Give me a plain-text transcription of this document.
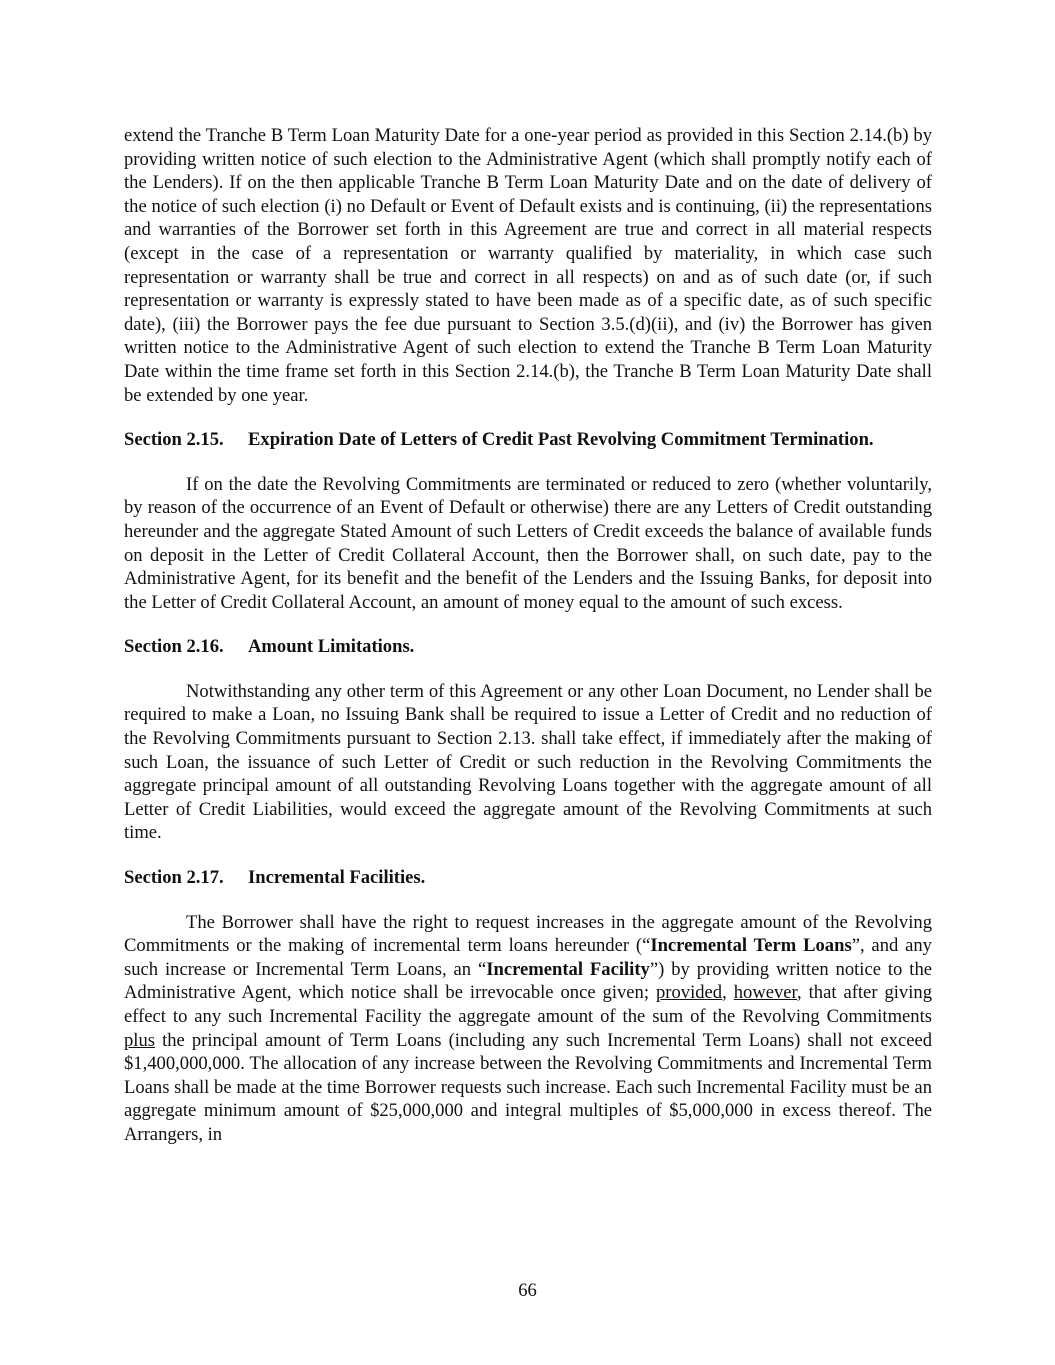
extend the Tranche B Term Loan Maturity Date for a one-year period as provided in this Section 2.14.(b) by providing written notice of such election to the Administrative Agent (which shall promptly notify each of the Lenders). If on the then applicable Tranche B Term Loan Maturity Date and on the date of delivery of the notice of such election (i) no Default or Event of Default exists and is continuing, (ii) the representations and warranties of the Borrower set forth in this Agreement are true and correct in all material respects (except in the case of a representation or warranty qualified by materiality, in which case such representation or warranty shall be true and correct in all respects) on and as of such date (or, if such representation or warranty is expressly stated to have been made as of a specific date, as of such specific date), (iii) the Borrower pays the fee due pursuant to Section 3.5.(d)(ii), and (iv) the Borrower has given written notice to the Administrative Agent of such election to extend the Tranche B Term Loan Maturity Date within the time frame set forth in this Section 2.14.(b), the Tranche B Term Loan Maturity Date shall be extended by one year.

Section 2.15. Expiration Date of Letters of Credit Past Revolving Commitment Termination.

If on the date the Revolving Commitments are terminated or reduced to zero (whether voluntarily, by reason of the occurrence of an Event of Default or otherwise) there are any Letters of Credit outstanding hereunder and the aggregate Stated Amount of such Letters of Credit exceeds the balance of available funds on deposit in the Letter of Credit Collateral Account, then the Borrower shall, on such date, pay to the Administrative Agent, for its benefit and the benefit of the Lenders and the Issuing Banks, for deposit into the Letter of Credit Collateral Account, an amount of money equal to the amount of such excess.

Section 2.16. Amount Limitations.

Notwithstanding any other term of this Agreement or any other Loan Document, no Lender shall be required to make a Loan, no Issuing Bank shall be required to issue a Letter of Credit and no reduction of the Revolving Commitments pursuant to Section 2.13. shall take effect, if immediately after the making of such Loan, the issuance of such Letter of Credit or such reduction in the Revolving Commitments the aggregate principal amount of all outstanding Revolving Loans together with the aggregate amount of all Letter of Credit Liabilities, would exceed the aggregate amount of the Revolving Commitments at such time.

Section 2.17. Incremental Facilities.

The Borrower shall have the right to request increases in the aggregate amount of the Revolving Commitments or the making of incremental term loans hereunder (“Incremental Term Loans”, and any such increase or Incremental Term Loans, an “Incremental Facility”) by providing written notice to the Administrative Agent, which notice shall be irrevocable once given; provided, however, that after giving effect to any such Incremental Facility the aggregate amount of the sum of the Revolving Commitments plus the principal amount of Term Loans (including any such Incremental Term Loans) shall not exceed $1,400,000,000. The allocation of any increase between the Revolving Commitments and Incremental Term Loans shall be made at the time Borrower requests such increase. Each such Incremental Facility must be an aggregate minimum amount of $25,000,000 and integral multiples of $5,000,000 in excess thereof. The Arrangers, in

66
